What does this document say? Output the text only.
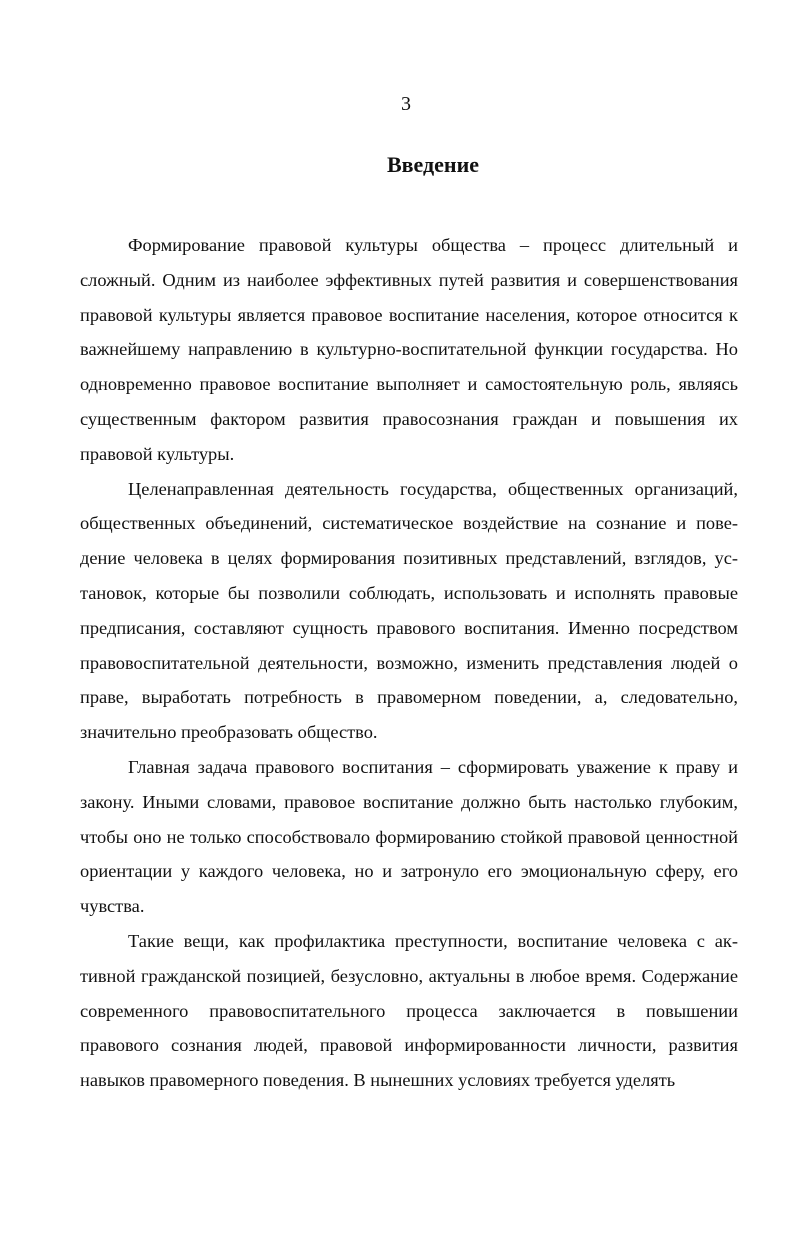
3
Введение

Формирование правовой культуры общества – процесс длительный и сложный. Одним из наиболее эффективных путей развития и совершенствования правовой культуры является правовое воспитание населения, которое относится к важнейшему направлению в культурно-воспитательной функции государства. Но одновременно правовое воспитание выполняет и самостоятельную роль, являясь существенным фактором развития правосознания граждан и повышения их правовой культуры.

Целенаправленная деятельность государства, общественных организаций, общественных объединений, систематическое воздействие на сознание и поведение человека в целях формирования позитивных представлений, взглядов, установок, которые бы позволили соблюдать, использовать и исполнять правовые предписания, составляют сущность правового воспитания. Именно посредством правовоспитательной деятельности, возможно, изменить представления людей о праве, выработать потребность в правомерном поведении, а, следовательно, значительно преобразовать общество.

Главная задача правового воспитания – сформировать уважение к праву и закону. Иными словами, правовое воспитание должно быть настолько глубоким, чтобы оно не только способствовало формированию стойкой правовой ценностной ориентации у каждого человека, но и затронуло его эмоциональную сферу, его чувства.

Такие вещи, как профилактика преступности, воспитание человека с активной гражданской позицией, безусловно, актуальны в любое время. Содержание современного правовоспитательного процесса заключается в повышении правового сознания людей, правовой информированности личности, развития навыков правомерного поведения. В нынешних условиях требуется уделять
